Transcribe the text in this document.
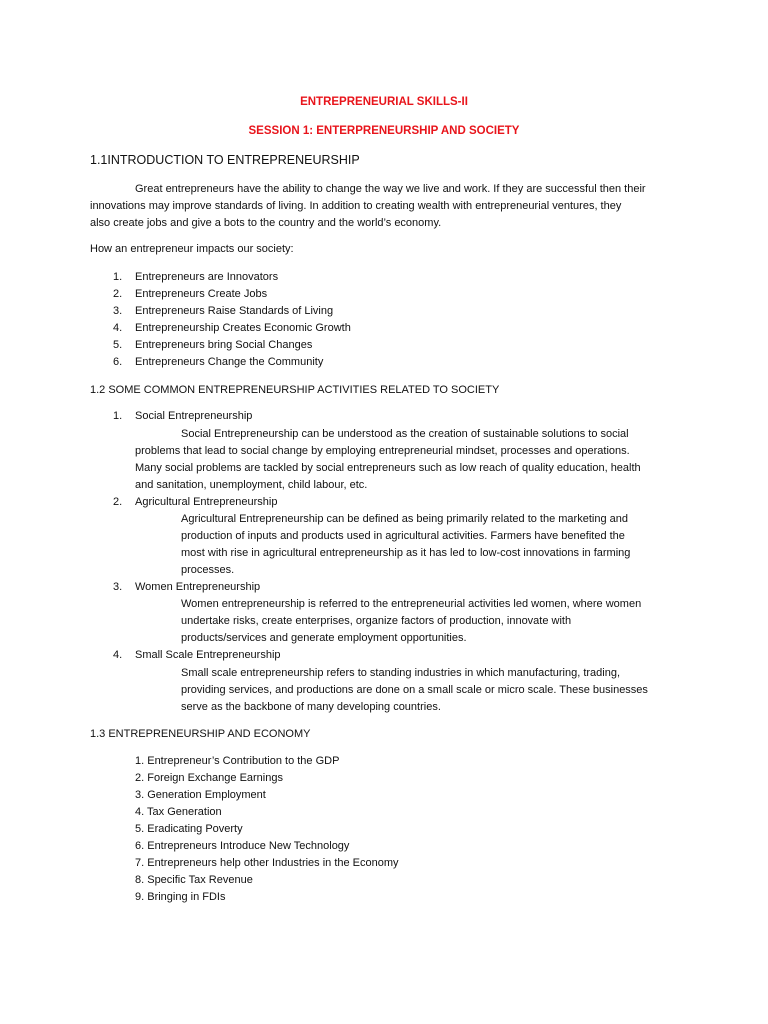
ENTREPRENEURIAL SKILLS-II
SESSION 1: ENTERPRENEURSHIP AND SOCIETY
1.1INTRODUCTION TO ENTREPRENEURSHIP
Great entrepreneurs have the ability to change the way we live and work. If they are successful then their
innovations may improve standards of living. In addition to creating wealth with entrepreneurial ventures, they
also create jobs and give a bots to the country and the world’s economy.
How an entrepreneur impacts our society:
1. Entrepreneurs are Innovators
2. Entrepreneurs Create Jobs
3. Entrepreneurs Raise Standards of Living
4. Entrepreneurship Creates Economic Growth
5. Entrepreneurs bring Social Changes
6. Entrepreneurs Change the Community
1.2 SOME COMMON ENTREPRENEURSHIP ACTIVITIES RELATED TO SOCIETY
1. Social Entrepreneurship
Social Entrepreneurship can be understood as the creation of sustainable solutions to social
problems that lead to social change by employing entrepreneurial mindset, processes and operations.
Many social problems are tackled by social entrepreneurs such as low reach of quality education, health
and sanitation, unemployment, child labour, etc.
2. Agricultural Entrepreneurship
Agricultural Entrepreneurship can be defined as being primarily related to the marketing and
production of inputs and products used in agricultural activities. Farmers have benefited the
most with rise in agricultural entrepreneurship as it has led to low-cost innovations in farming
processes.
3. Women Entrepreneurship
Women entrepreneurship is referred to the entrepreneurial activities led women, where women
undertake risks, create enterprises, organize factors of production, innovate with
products/services and generate employment opportunities.
4. Small Scale Entrepreneurship
Small scale entrepreneurship refers to standing industries in which manufacturing, trading,
providing services, and productions are done on a small scale or micro scale. These businesses
serve as the backbone of many developing countries.
1.3 ENTREPRENEURSHIP AND ECONOMY
1. Entrepreneur’s Contribution to the GDP
2. Foreign Exchange Earnings
3. Generation Employment
4. Tax Generation
5. Eradicating Poverty
6. Entrepreneurs Introduce New Technology
7. Entrepreneurs help other Industries in the Economy
8. Specific Tax Revenue
9. Bringing in FDIs
